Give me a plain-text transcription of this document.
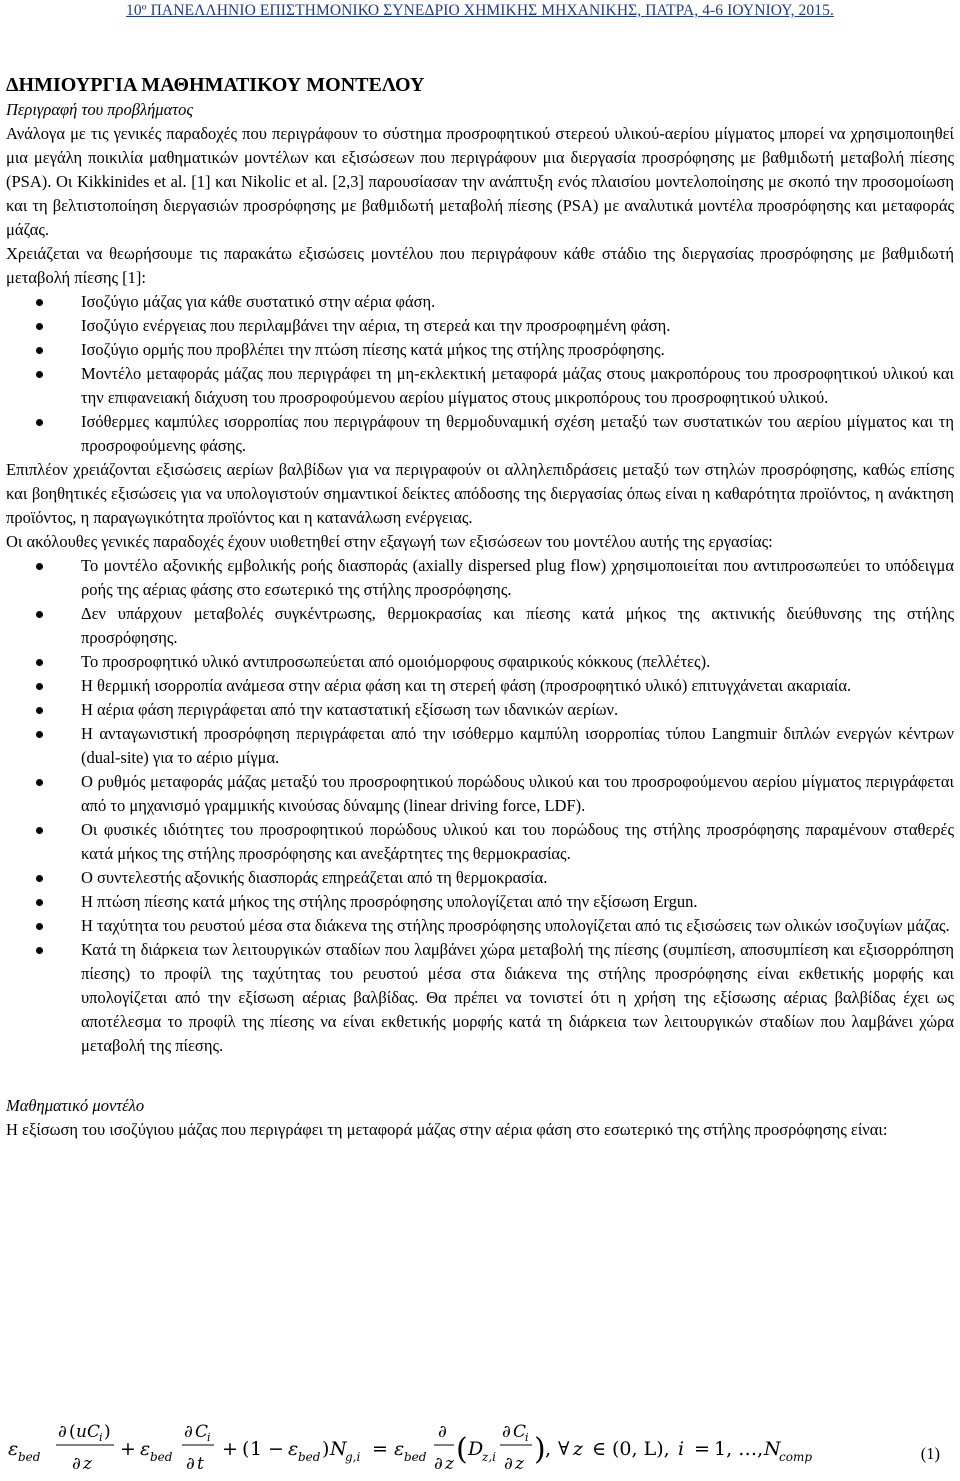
10º ΠΑΝΕΛΛΗΝΙΟ ΕΠΙΣΤΗΜΟΝΙΚΟ ΣΥΝΕΔΡΙΟ ΧΗΜΙΚΗΣ ΜΗΧΑΝΙΚΗΣ, ΠΑΤΡΑ, 4-6 ΙΟΥΝΙΟΥ, 2015.
ΔΗΜΙΟΥΡΓΙΑ ΜΑΘΗΜΑΤΙΚΟΥ ΜΟΝΤΕΛΟΥ
Περιγραφή του προβλήματος

Ανάλογα με τις γενικές παραδοχές που περιγράφουν το σύστημα προσροφητικού στερεού υλικού-αερίου μίγματος μπορεί να χρησιμοποιηθεί μια μεγάλη ποικιλία μαθηματικών μοντέλων και εξισώσεων που περιγράφουν μια διεργασία προσρόφησης με βαθμιδωτή μεταβολή πίεσης (PSA). Οι Kikkinides et al. [1] και Nikolic et al. [2,3] παρουσίασαν την ανάπτυξη ενός πλαισίου μοντελοποίησης με σκοπό την προσομοίωση και τη βελτιστοποίηση διεργασιών προσρόφησης με βαθμιδωτή μεταβολή πίεσης (PSA) με αναλυτικά μοντέλα προσρόφησης και μεταφοράς μάζας.

Χρειάζεται να θεωρήσουμε τις παρακάτω εξισώσεις μοντέλου που περιγράφουν κάθε στάδιο της διεργασίας προσρόφησης με βαθμιδωτή μεταβολή πίεσης [1]:

Ισοζύγιο μάζας για κάθε συστατικό στην αέρια φάση.
Ισοζύγιο ενέργειας που περιλαμβάνει την αέρια, τη στερεά και την προσροφημένη φάση.
Ισοζύγιο ορμής που προβλέπει την πτώση πίεσης κατά μήκος της στήλης προσρόφησης.
Μοντέλο μεταφοράς μάζας που περιγράφει τη μη-εκλεκτική μεταφορά μάζας στους μακροπόρους του προσροφητικού υλικού και την επιφανειακή διάχυση του προσροφούμενου αερίου μίγματος στους μικροπόρους του προσροφητικού υλικού.
Ισόθερμες καμπύλες ισορροπίας που περιγράφουν τη θερμοδυναμική σχέση μεταξύ των συστατικών του αερίου μίγματος και τη προσροφούμενης φάσης.

Επιπλέον χρειάζονται εξισώσεις αερίων βαλβίδων για να περιγραφούν οι αλληλεπιδράσεις μεταξύ των στηλών προσρόφησης, καθώς επίσης και βοηθητικές εξισώσεις για να υπολογιστούν σημαντικοί δείκτες απόδοσης της διεργασίας όπως είναι η καθαρότητα προϊόντος, η ανάκτηση προϊόντος, η παραγωγικότητα προϊόντος και η κατανάλωση ενέργειας.

Οι ακόλουθες γενικές παραδοχές έχουν υιοθετηθεί στην εξαγωγή των εξισώσεων του μοντέλου αυτής της εργασίας:

Το μοντέλο αξονικής εμβολικής ροής διασποράς (axially dispersed plug flow) χρησιμοποιείται που αντιπροσωπεύει το υπόδειγμα ροής της αέριας φάσης στο εσωτερικό της στήλης προσρόφησης.
Δεν υπάρχουν μεταβολές συγκέντρωσης, θερμοκρασίας και πίεσης κατά μήκος της ακτινικής διεύθυνσης της στήλης προσρόφησης.
Το προσροφητικό υλικό αντιπροσωπεύεται από ομοιόμορφους σφαιρικούς κόκκους (πελλέτες).
Η θερμική ισορροπία ανάμεσα στην αέρια φάση και τη στερεή φάση (προσροφητικό υλικό) επιτυγχάνεται ακαριαία.
Η αέρια φάση περιγράφεται από την καταστατική εξίσωση των ιδανικών αερίων.
Η ανταγωνιστική προσρόφηση περιγράφεται από την ισόθερμο καμπύλη ισορροπίας τύπου Langmuir διπλών ενεργών κέντρων (dual-site) για το αέριο μίγμα.
Ο ρυθμός μεταφοράς μάζας μεταξύ του προσροφητικού πορώδους υλικού και του προσροφούμενου αερίου μίγματος περιγράφεται από το μηχανισμό γραμμικής κινούσας δύναμης (linear driving force, LDF).
Οι φυσικές ιδιότητες του προσροφητικού πορώδους υλικού και του πορώδους της στήλης προσρόφησης παραμένουν σταθερές κατά μήκος της στήλης προσρόφησης και ανεξάρτητες της θερμοκρασίας.
Ο συντελεστής αξονικής διασποράς επηρεάζεται από τη θερμοκρασία.
Η πτώση πίεσης κατά μήκος της στήλης προσρόφησης υπολογίζεται από την εξίσωση Ergun.
Η ταχύτητα του ρευστού μέσα στα διάκενα της στήλης προσρόφησης υπολογίζεται από τις εξισώσεις των ολικών ισοζυγίων μάζας.
Κατά τη διάρκεια των λειτουργικών σταδίων που λαμβάνει χώρα μεταβολή της πίεσης (συμπίεση, αποσυμπίεση και εξισορρόπηση πίεσης) το προφίλ της ταχύτητας του ρευστού μέσα στα διάκενα της στήλης προσρόφησης είναι εκθετικής μορφής και υπολογίζεται από την εξίσωση αέριας βαλβίδας. Θα πρέπει να τονιστεί ότι η χρήση της εξίσωσης αέριας βαλβίδας έχει ως αποτέλεσμα το προφίλ της πίεσης να είναι εκθετικής μορφής κατά τη διάρκεια των λειτουργικών σταδίων που λαμβάνει χώρα μεταβολή της πίεσης.
Μαθηματικό μοντέλο

Η εξίσωση του ισοζύγιου μάζας που περιγράφει τη μεταφορά μάζας στην αέρια φάση στο εσωτερικό της στήλης προσρόφησης είναι:

ε bed
∂ ( u C
i )
∂ z
+ ε bed
∂ C
i
∂ t
+ ( 1 − ε bed ) N
g,i = ε bed
∂
∂ z ( D
z,i
∂ C
i
∂ z ) , ∀ z ∈ (0, L), i = 1, …, N
comp	(1)
